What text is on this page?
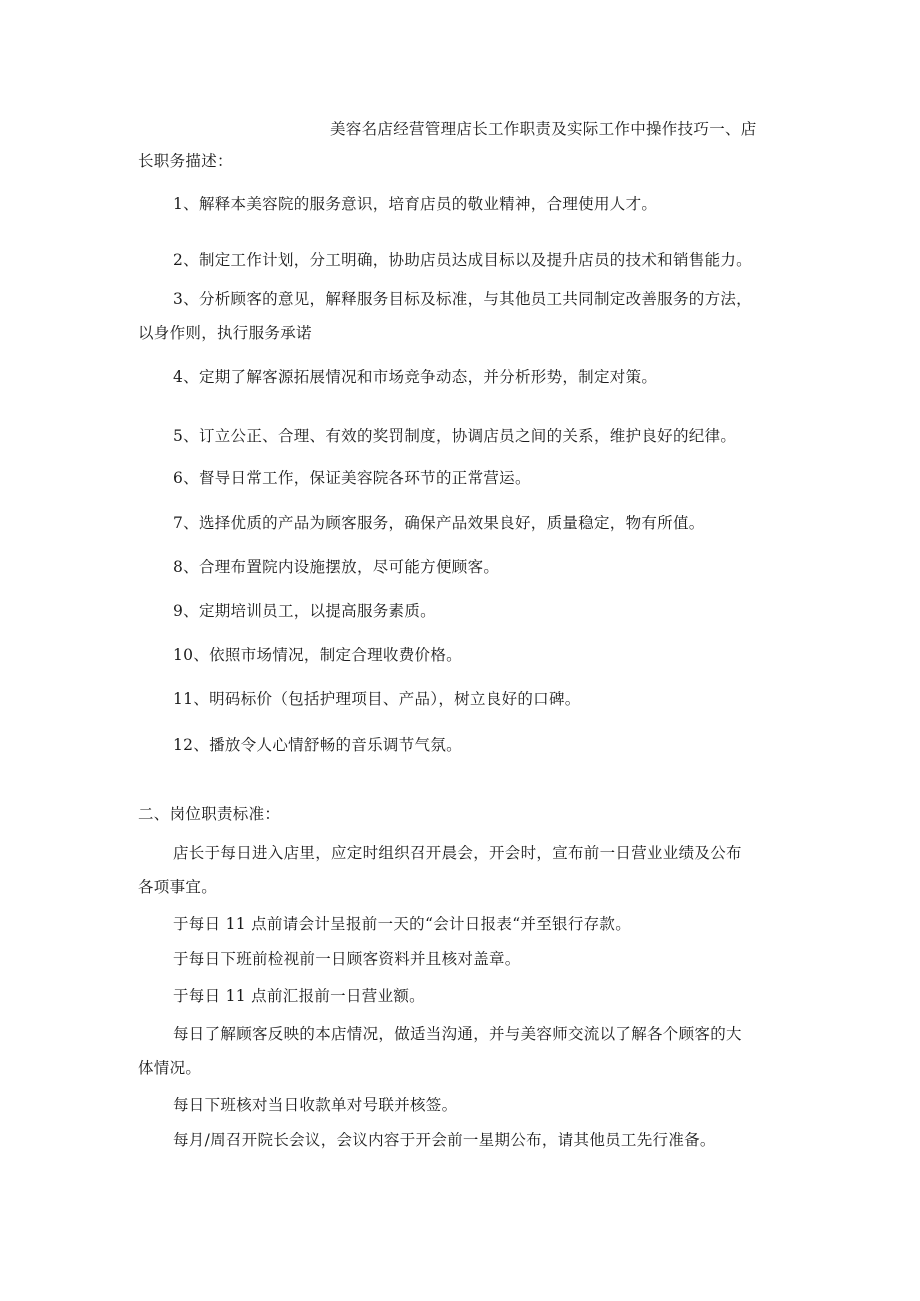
美容名店经营管理店长工作职责及实际工作中操作技巧一、店
长职务描述：
1、解释本美容院的服务意识，培育店员的敬业精神，合理使用人才。
2、制定工作计划，分工明确，协助店员达成目标以及提升店员的技术和销售能力。
3、分析顾客的意见，解释服务目标及标准，与其他员工共同制定改善服务的方法，
以身作则，执行服务承诺
4、定期了解客源拓展情况和市场竞争动态，并分析形势，制定对策。
5、订立公正、合理、有效的奖罚制度，协调店员之间的关系，维护良好的纪律。
6、督导日常工作，保证美容院各环节的正常营运。
7、选择优质的产品为顾客服务，确保产品效果良好，质量稳定，物有所值。
8、合理布置院内设施摆放，尽可能方便顾客。
9、定期培训员工，以提高服务素质。
10、依照市场情况，制定合理收费价格。
11、明码标价（包括护理项目、产品），树立良好的口碑。
12、播放令人心情舒畅的音乐调节气氛。
二、岗位职责标准：
店长于每日进入店里，应定时组织召开晨会，开会时，宣布前一日营业业绩及公布
各项事宜。
于每日 11 点前请会计呈报前一天的“会计日报表“并至银行存款。
于每日下班前检视前一日顾客资料并且核对盖章。
于每日 11 点前汇报前一日营业额。
每日了解顾客反映的本店情况，做适当沟通，并与美容师交流以了解各个顾客的大
体情况。
每日下班核对当日收款单对号联并核签。
每月/周召开院长会议，会议内容于开会前一星期公布，请其他员工先行准备。
